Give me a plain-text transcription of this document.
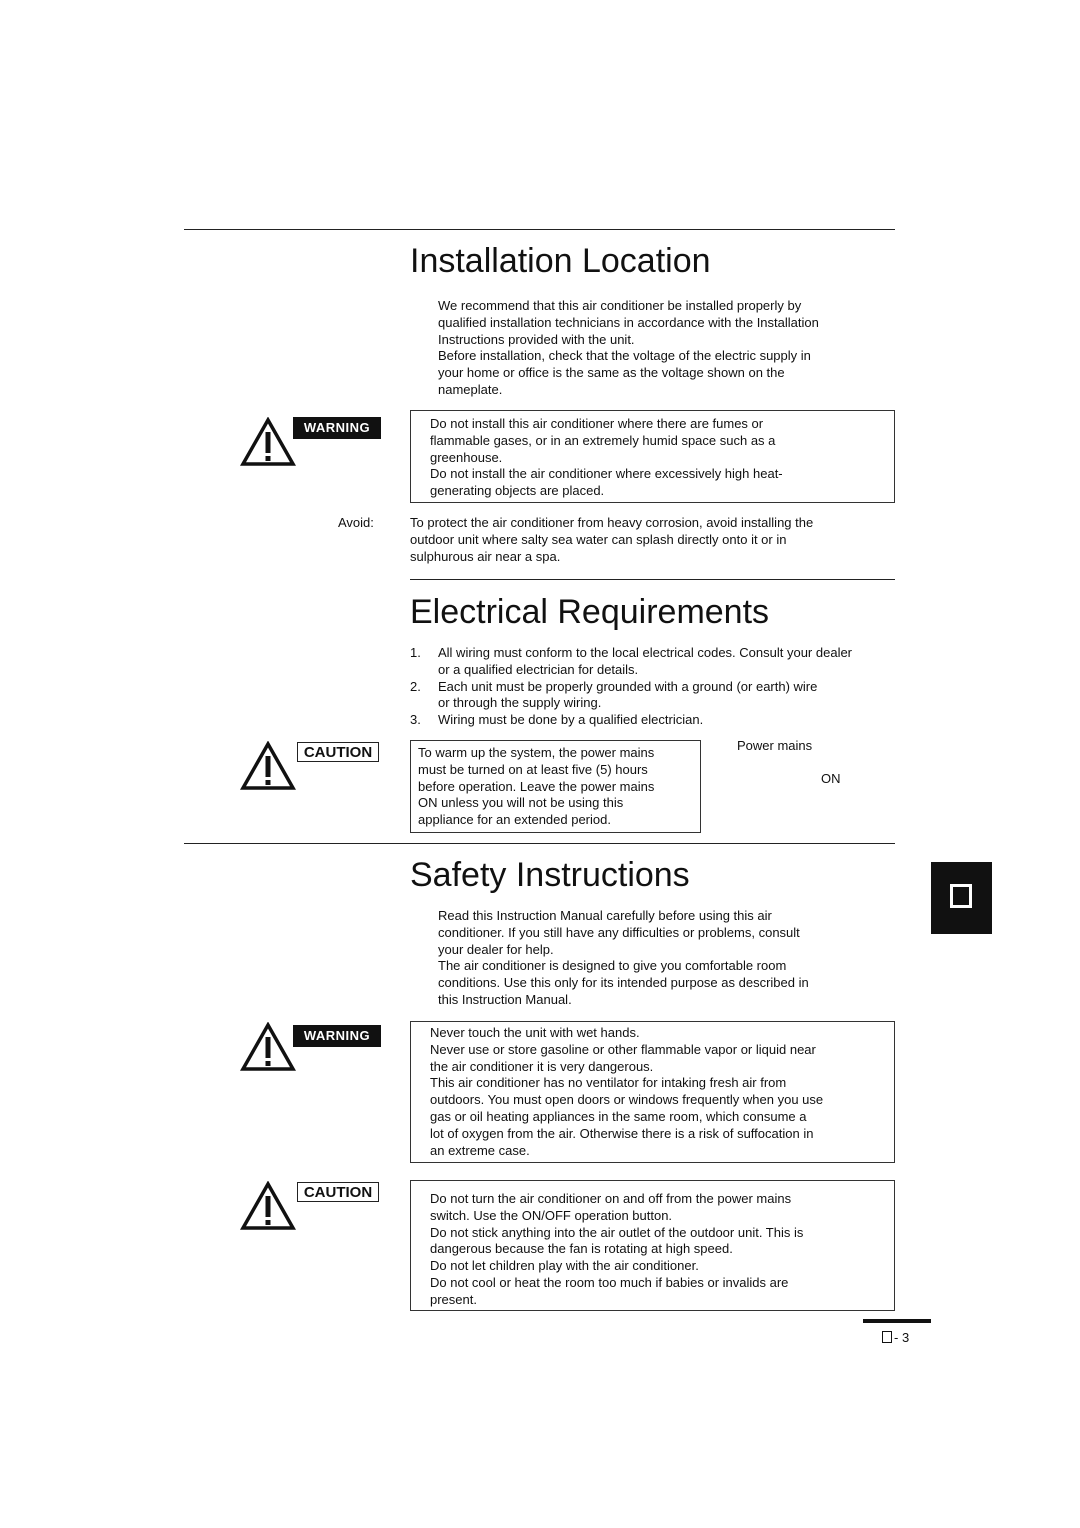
Installation Location
We recommend that this air conditioner be installed properly by
qualified installation technicians in accordance with the Installation
Instructions provided with the unit.
Before installation, check that the voltage of the electric supply in
your home or office is the same as the voltage shown on the
nameplate.
WARNING	Do not install this air conditioner where there are fumes or
flammable gases, or in an extremely humid space such as a
greenhouse.
Do not install the air conditioner where excessively high heat-
generating objects are placed.
Avoid:	To protect the air conditioner from heavy corrosion, avoid installing the
outdoor unit where salty sea water can splash directly onto it or in
sulphurous air near a spa.
Electrical Requirements
1. All wiring must conform to the local electrical codes. Consult your dealer
or a qualified electrician for details.
2. Each unit must be properly grounded with a ground (or earth) wire
or through the supply wiring.
3. Wiring must be done by a qualified electrician.
CAUTION	To warm up the system, the power mains
must be turned on at least five (5) hours
before operation. Leave the power mains
ON unless you will not be using this
appliance for an extended period.
Power mains
ON
Safety Instructions
Read this Instruction Manual carefully before using this air
conditioner. If you still have any difficulties or problems, consult
your dealer for help.
The air conditioner is designed to give you comfortable room
conditions. Use this only for its intended purpose as described in
this Instruction Manual.
WARNING	Never touch the unit with wet hands.
Never use or store gasoline or other flammable vapor or liquid near
the air conditioner it is very dangerous.
This air conditioner has no ventilator for intaking fresh air from
outdoors. You must open doors or windows frequently when you use
gas or oil heating appliances in the same room, which consume a
lot of oxygen from the air. Otherwise there is a risk of suffocation in
an extreme case.
CAUTION	Do not turn the air conditioner on and off from the power mains
switch. Use the ON/OFF operation button.
Do not stick anything into the air outlet of the outdoor unit. This is
dangerous because the fan is rotating at high speed.
Do not let children play with the air conditioner.
Do not cool or heat the room too much if babies or invalids are
present.
- 3
